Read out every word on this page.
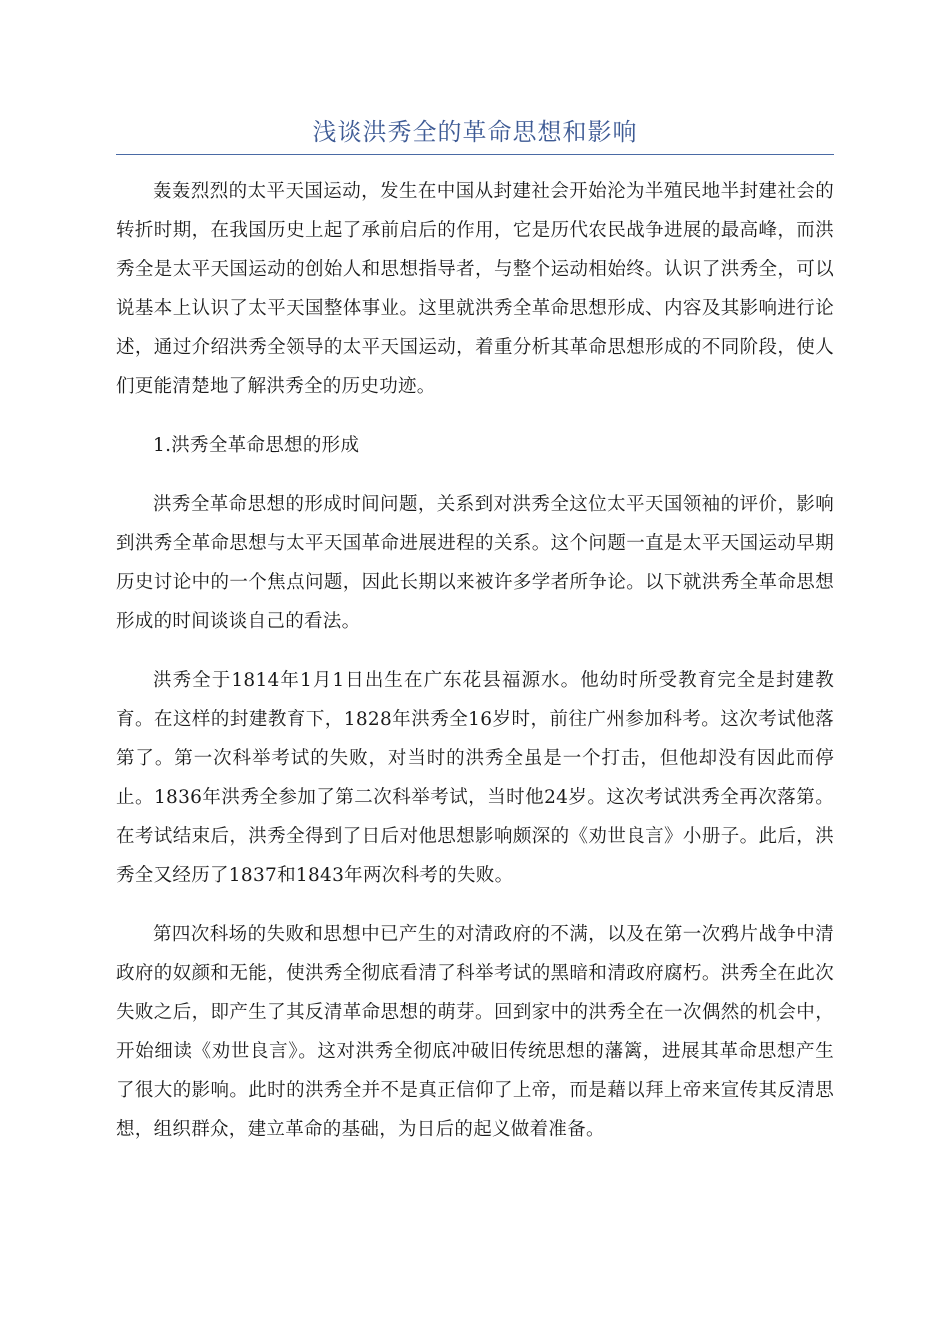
浅谈洪秀全的革命思想和影响

轰轰烈烈的太平天国运动，发生在中国从封建社会开始沦为半殖民地半封建社会的转折时期，在我国历史上起了承前启后的作用，它是历代农民战争进展的最高峰，而洪秀全是太平天国运动的创始人和思想指导者，与整个运动相始终。认识了洪秀全，可以说基本上认识了太平天国整体事业。这里就洪秀全革命思想形成、内容及其影响进行论述，通过介绍洪秀全领导的太平天国运动，着重分析其革命思想形成的不同阶段，使人们更能清楚地了解洪秀全的历史功迹。

1.洪秀全革命思想的形成

洪秀全革命思想的形成时间问题，关系到对洪秀全这位太平天国领袖的评价，影响到洪秀全革命思想与太平天国革命进展进程的关系。这个问题一直是太平天国运动早期历史讨论中的一个焦点问题，因此长期以来被许多学者所争论。以下就洪秀全革命思想形成的时间谈谈自己的看法。

洪秀全于1814年1月1日出生在广东花县福源水。他幼时所受教育完全是封建教育。在这样的封建教育下，1828年洪秀全16岁时，前往广州参加科考。这次考试他落第了。第一次科举考试的失败，对当时的洪秀全虽是一个打击，但他却没有因此而停止。1836年洪秀全参加了第二次科举考试，当时他24岁。这次考试洪秀全再次落第。在考试结束后，洪秀全得到了日后对他思想影响颇深的《劝世良言》小册子。此后，洪秀全又经历了1837和1843年两次科考的失败。

第四次科场的失败和思想中已产生的对清政府的不满，以及在第一次鸦片战争中清政府的奴颜和无能，使洪秀全彻底看清了科举考试的黑暗和清政府腐朽。洪秀全在此次失败之后，即产生了其反清革命思想的萌芽。回到家中的洪秀全在一次偶然的机会中，开始细读《劝世良言》。这对洪秀全彻底冲破旧传统思想的藩篱，进展其革命思想产生了很大的影响。此时的洪秀全并不是真正信仰了上帝，而是藉以拜上帝来宣传其反清思想，组织群众，建立革命的基础，为日后的起义做着准备。
